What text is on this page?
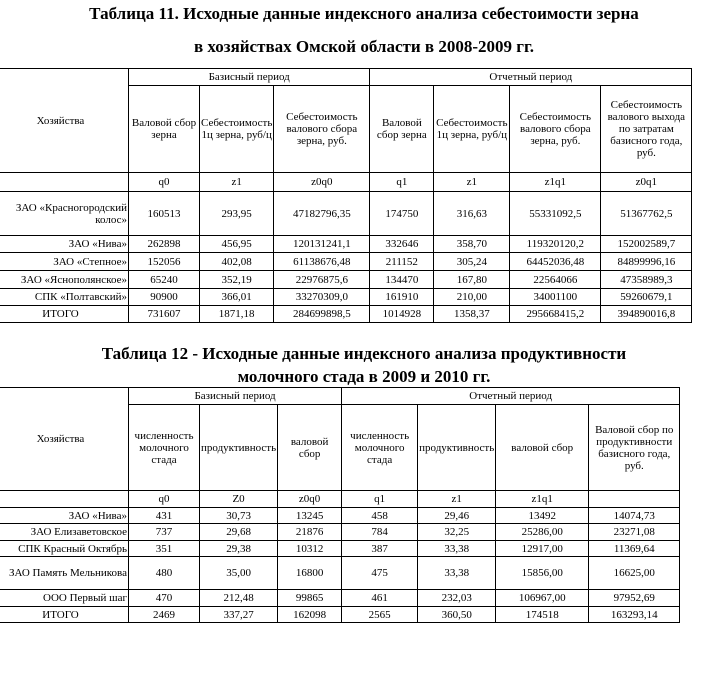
Таблица 11. Исходные данные индексного анализа себестоимости зерна
в хозяйствах Омской области в 2008-2009 гг.
Хозяйства	Базисный период			Отчетный период			
	Валовой сбор зерна	Себестоимость 1ц зерна, руб/ц	Себестоимость валового сбора зерна, руб.	Валовой сбор зерна	Себестоимость 1ц зерна, руб/ц	Себестоимость валового сбора зерна, руб.	Себестоимость валового выхода по затратам базисного года, руб.
	q0	z1	z0q0	q1	z1	z1q1	z0q1
ЗАО «Красногородский колос»	160513	293,95	47182796,35	174750	316,63	55331092,5	51367762,5
ЗАО «Нива»	262898	456,95	120131241,1	332646	358,70	119320120,2	152002589,7
ЗАО «Степное»	152056	402,08	61138676,48	211152	305,24	64452036,48	84899996,16
ЗАО «Яснополянское»	65240	352,19	22976875,6	134470	167,80	22564066	47358989,3
СПК «Полтавский»	90900	366,01	33270309,0	161910	210,00	34001100	59260679,1
ИТОГО	731607	1871,18	284699898,5	1014928	1358,37	295668415,2	394890016,8
Таблица 12 - Исходные данные индексного анализа продуктивности
молочного стада в 2009 и 2010 гг.
Хозяйства	Базисный период			Отчетный период			
	численность молочного стада	продуктивность	валовой сбор	численность молочного стада	продуктивность	валовой сбор	Валовой сбор по продуктивности базисного года, руб.
	q0	Z0	z0q0	q1	z1	z1q1	
ЗАО «Нива»	431	30,73	13245	458	29,46	13492	14074,73
ЗАО Елизаветовское	737	29,68	21876	784	32,25	25286,00	23271,08
СПК Красный Октябрь	351	29,38	10312	387	33,38	12917,00	11369,64
ЗАО Память Мельникова	480	35,00	16800	475	33,38	15856,00	16625,00
ООО Первый шаг	470	212,48	99865	461	232,03	106967,00	97952,69
ИТОГО	2469	337,27	162098	2565	360,50	174518	163293,14
